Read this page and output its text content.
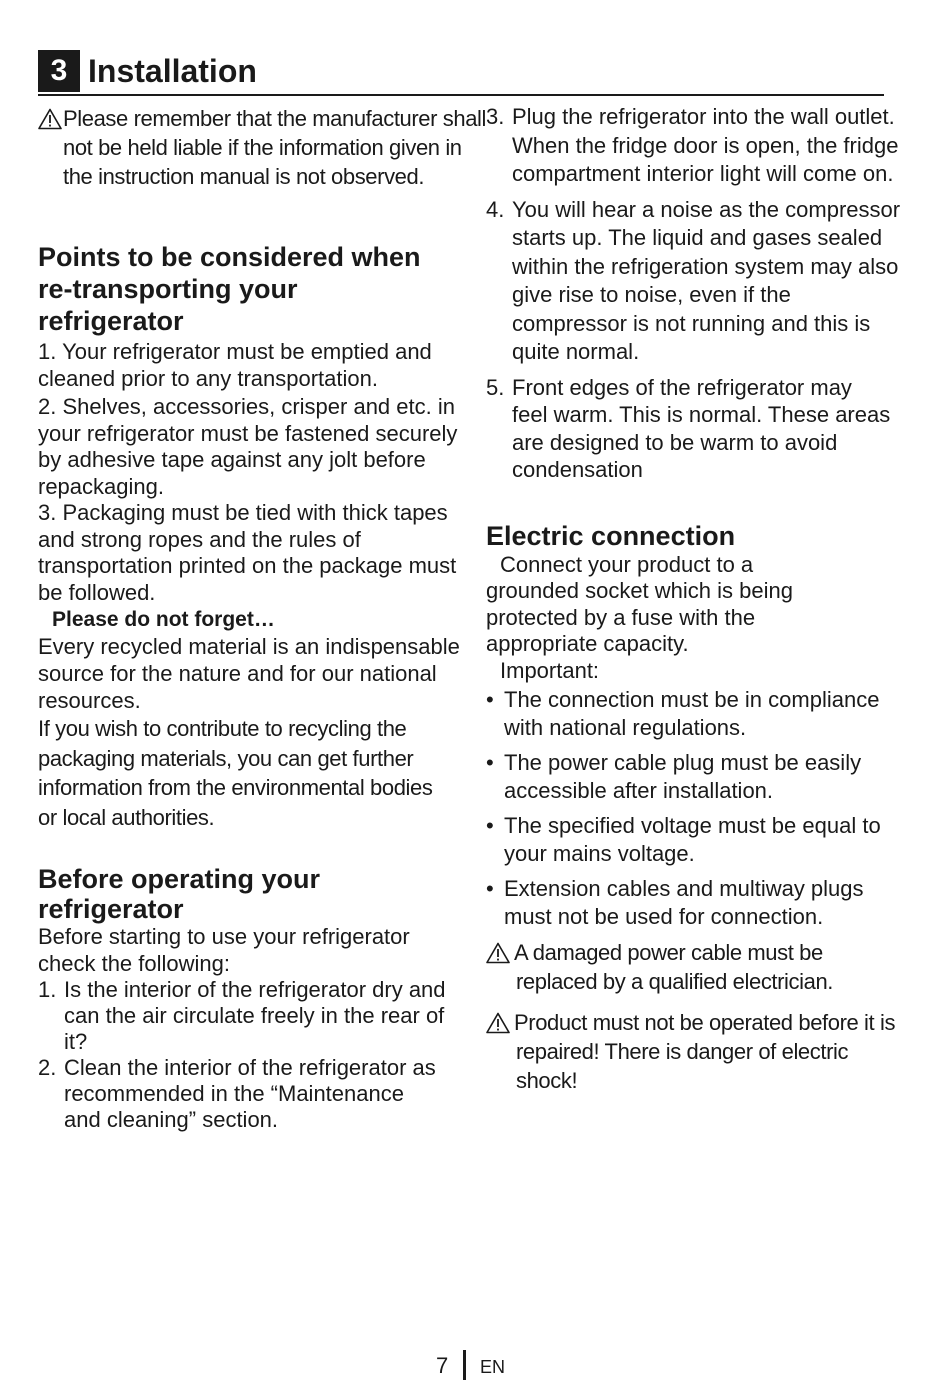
3 Installation
Please remember that the manufacturer shall not be held liable if the information given in the instruction manual is not observed.
Points to be considered when re-transporting your refrigerator

1. Your refrigerator must be emptied and cleaned prior to any transportation.

2. Shelves, accessories, crisper and etc. in your refrigerator must be fastened securely by adhesive tape against any jolt before repackaging.

3. Packaging must be tied with thick tapes and strong ropes and the rules of transportation printed on the package must be followed.

Please do not forget…

Every recycled material is an indispensable source for the nature and for our national resources.

If you wish to contribute to recycling the packaging materials, you can get further information from the environmental bodies or local authorities.

Before operating your refrigerator

Before starting to use your refrigerator check the following:

1. Is the interior of the refrigerator dry and can the air circulate freely in the rear of it?
2. Clean the interior of the refrigerator as recommended in the “Maintenance and cleaning” section.
3. Plug the refrigerator into the wall outlet. When the fridge door is open, the fridge compartment interior light will come on.
4. You will hear a noise as the compressor starts up. The liquid and gases sealed within the refrigeration system may also give rise to noise, even if the compressor is not running and this is quite normal.
5. Front edges of the refrigerator may feel warm. This is normal. These areas are designed to be warm to avoid condensation
Electric connection

Connect your product to a grounded socket which is being protected by a fuse with the appropriate capacity.

Important:

• The connection must be in compliance with national regulations.
• The power cable plug must be easily accessible after installation.
• The specified voltage must be equal to your mains voltage.
• Extension cables and multiway plugs must not be used for connection.
A damaged power cable must be replaced by a qualified electrician.
Product must not be operated before it is repaired! There is danger of electric shock!
7 EN
